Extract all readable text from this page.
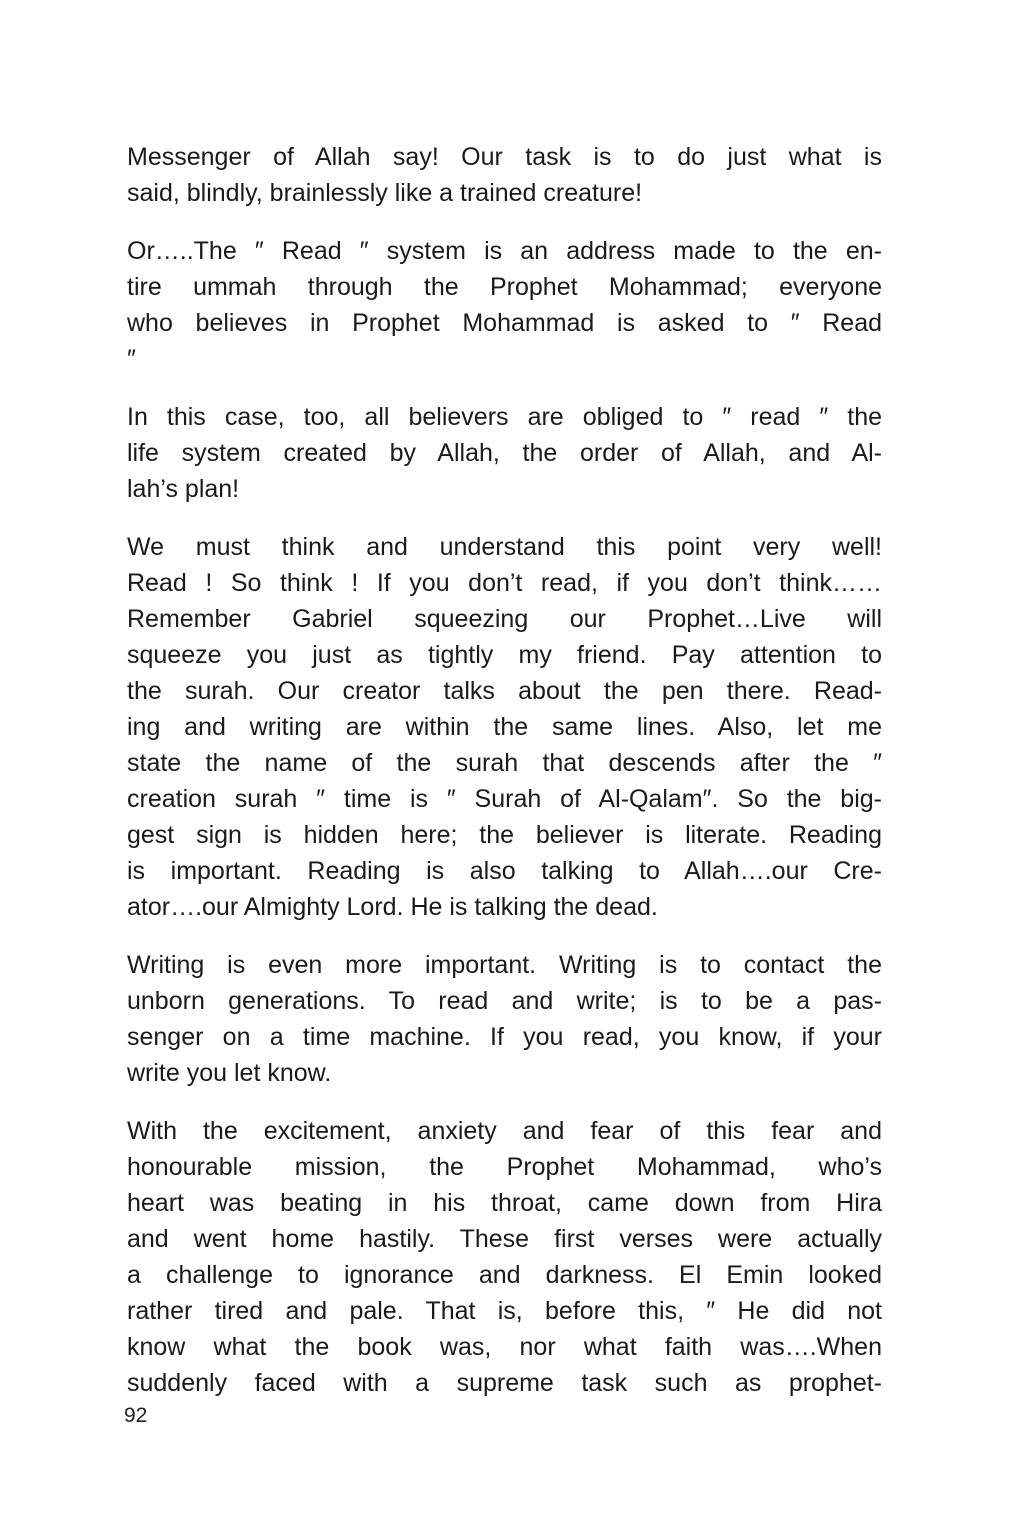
Messenger of Allah say! Our task is to do just what is
said, blindly, brainlessly like a trained creature!
Or…..The ″ Read ″ system is an address made to the en-
tire ummah through the Prophet Mohammad; everyone
who believes in Prophet Mohammad is asked to ″ Read
″
In this case, too, all believers are obliged to ″ read ″ the
life system created by Allah, the order of Allah, and Al-
lah’s plan!
We must think and understand this point very well!
Read ! So think ! If you don’t read, if you don’t think……
Remember Gabriel squeezing our Prophet…Live will
squeeze you just as tightly my friend. Pay attention to
the surah. Our creator talks about the pen there. Read-
ing and writing are within the same lines. Also, let me
state the name of the surah that descends after the ″
creation surah ″ time is ″ Surah of Al-Qalam″. So the big-
gest sign is hidden here; the believer is literate. Reading
is important. Reading is also talking to Allah….our Cre-
ator….our Almighty Lord. He is talking the dead.
Writing is even more important. Writing is to contact the
unborn generations. To read and write; is to be a pas-
senger on a time machine. If you read, you know, if your
write you let know.
With the excitement, anxiety and fear of this fear and
honourable mission, the Prophet Mohammad, who’s
heart was beating in his throat, came down from Hira
and went home hastily. These first verses were actually
a challenge to ignorance and darkness. El Emin looked
rather tired and pale. That is, before this, ″ He did not
know what the book was, nor what faith was….When
suddenly faced with a supreme task such as prophet-
92
